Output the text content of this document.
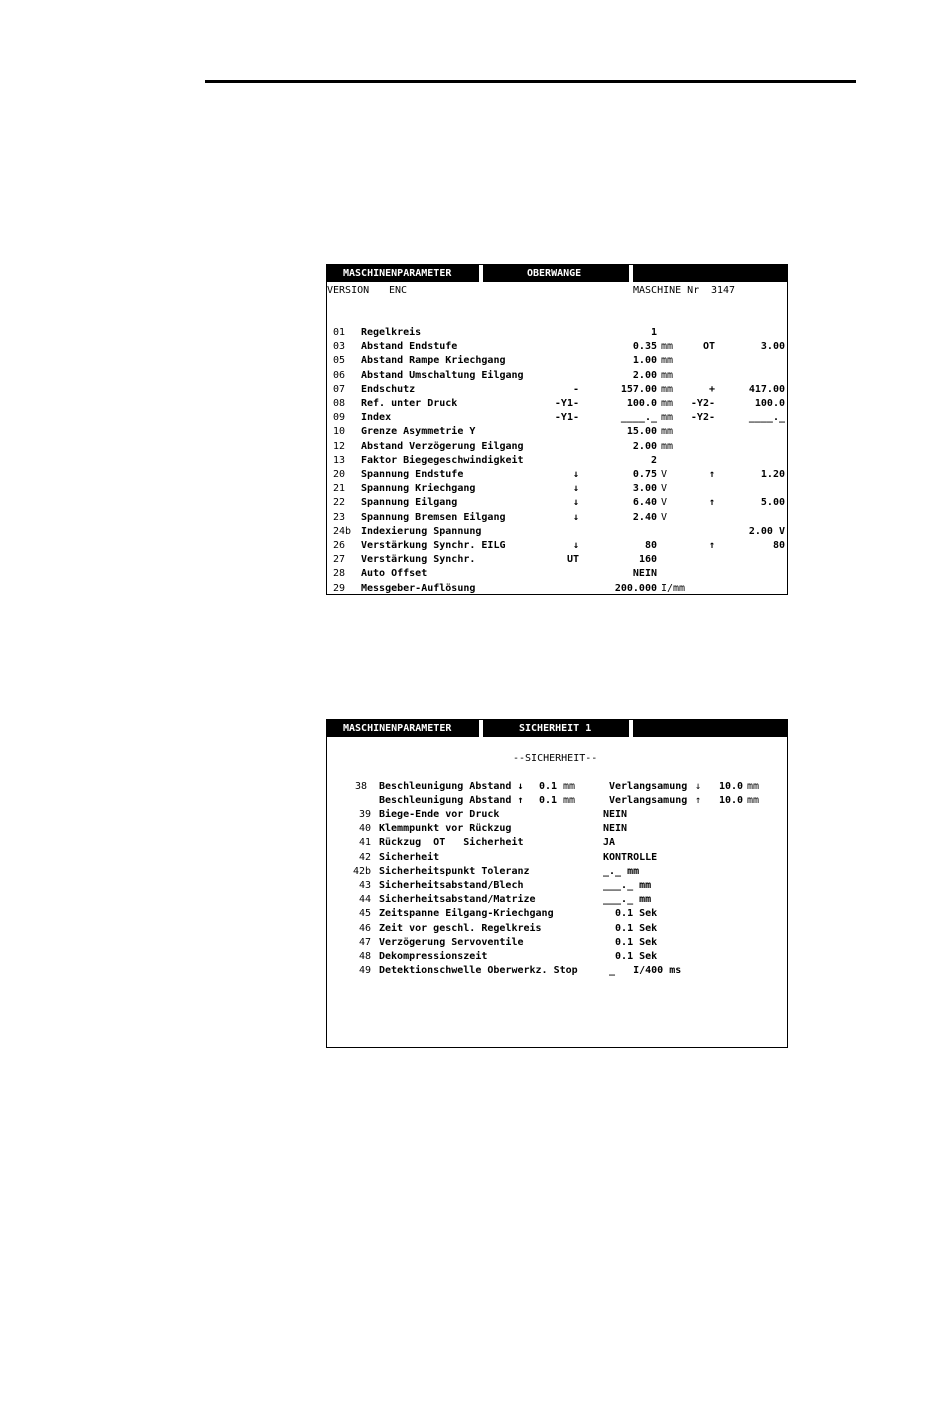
MASCHINENPARAMETER	OBERWANGE
VERSION ENC	MASCHINE Nr 3147
01	Regelkreis	1
03	Abstand Endstufe	0.35 mm	OT	3.00
05	Abstand Rampe Kriechgang	1.00 mm
06	Abstand Umschaltung Eilgang	2.00 mm
07	Endschutz	-	157.00 mm	+	417.00
08	Ref. unter Druck	-Y1-	100.0 mm	-Y2-	100.0
09	Index	-Y1-	____._ mm	-Y2-	____._
10	Grenze Asymmetrie Y	15.00 mm
12	Abstand Verzögerung Eilgang	2.00 mm
13	Faktor Biegegeschwindigkeit	2
20	Spannung Endstufe	↓	0.75 V	↑	1.20
21	Spannung Kriechgang	↓	3.00 V
22	Spannung Eilgang	↓	6.40 V	↑	5.00
23	Spannung Bremsen Eilgang	↓	2.40 V
24b Indexierung Spannung	2.00 V
26	Verstärkung Synchr. EILG	↓	80	↑	80
27	Verstärkung Synchr.	UT	160
28	Auto Offset	NEIN
29	Messgeber-Auflösung	200.000 I/mm
MASCHINENPARAMETER	SICHERHEIT 1
--SICHERHEIT--
38 Beschleunigung Abstand ↓ 0.1 mm	Verlangsamung ↓ 10.0 mm
Beschleunigung Abstand ↑ 0.1 mm	Verlangsamung ↑ 10.0 mm
39 Biege-Ende vor Druck	NEIN
40 Klemmpunkt vor Rückzug	NEIN
41 Rückzug  OT   Sicherheit	JA
42 Sicherheit	KONTROLLE
42b Sicherheitspunkt Toleranz	_._ mm
43 Sicherheitsabstand/Blech	___._ mm
44 Sicherheitsabstand/Matrize	___._ mm
45 Zeitspanne Eilgang-Kriechgang	0.1 Sek
46 Zeit vor geschl. Regelkreis	0.1 Sek
47 Verzögerung Servoventile	0.1 Sek
48 Dekompressionszeit	0.1 Sek
49 Detektionschwelle Oberwerkz. Stop	_   I/400 ms
